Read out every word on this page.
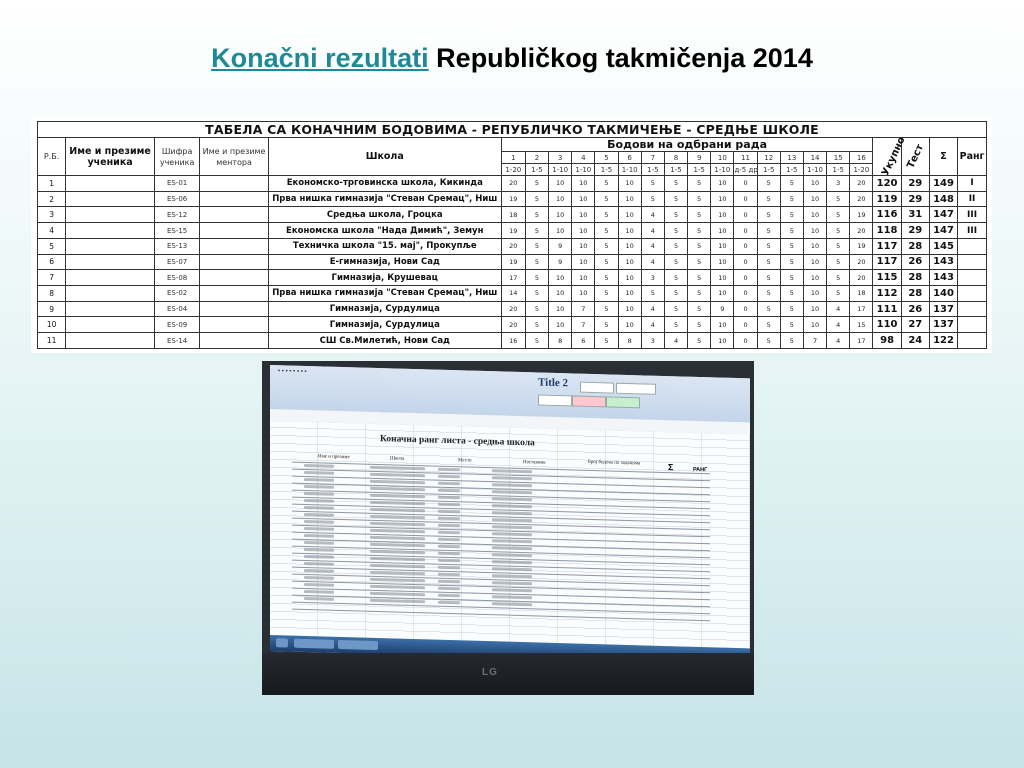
Konačni rezultati Republičkog takmičenja 2014
ТАБЕЛА СА КОНАЧНИМ БОДОВИМА - РЕПУБЛИЧКО ТАКМИЧЕЊЕ - СРЕДЊЕ ШКОЛЕ																								
Р.Б.	Име и презиме ученика	Шифра ученика	Име и презиме ментора	Школа	Бодови на одбрани рада																Укупно	Тест	Σ	Ранг
					1	2	3	4	5	6	7	8	9	10	11	12	13	14	15	16				
					1-20	1-5	1-10	1-10	1-5	1-10	1-5	1-5	1-5	1-10	д-5 др	1-5	1-5	1-10	1-5	1-20				
1		ES-01		Економско-трговинска школа, Кикинда	20	5	10	10	5	10	5	5	5	10	0	5	5	10	3	20	120	29	149	I
2		ES-06		Прва нишка гимназија "Стеван Сремац", Ниш	19	5	10	10	5	10	5	5	5	10	0	5	5	10	5	20	119	29	148	II
3		ES-12		Средња школа, Гроцка	18	5	10	10	5	10	4	5	5	10	0	5	5	10	5	19	116	31	147	III
4		ES-15		Економска школа "Нада Димић", Земун	19	5	10	10	5	10	4	5	5	10	0	5	5	10	5	20	118	29	147	III
5		ES-13		Техничка школа "15. мај", Прокупље	20	5	9	10	5	10	4	5	5	10	0	5	5	10	5	19	117	28	145	
6		ES-07		Е-гимназија, Нови Сад	19	5	9	10	5	10	4	5	5	10	0	5	5	10	5	20	117	26	143	
7		ES-08		Гимназија, Крушевац	17	5	10	10	5	10	3	5	5	10	0	5	5	10	5	20	115	28	143	
8		ES-02		Прва нишка гимназија "Стеван Сремац", Ниш	14	5	10	10	5	10	5	5	5	10	0	5	5	10	5	18	112	28	140	
9		ES-04		Гимназија, Сурдулица	20	5	10	7	5	10	4	5	5	9	0	5	5	10	4	17	111	26	137	
10		ES-09		Гимназија, Сурдулица	20	5	10	7	5	10	4	5	5	10	0	5	5	10	4	15	110	27	137	
11		ES-14		СШ Св.Милетић, Нови Сад	16	5	8	6	5	8	3	4	5	10	0	5	5	7	4	17	98	24	122	
▪ ▪ ▪ ▪ ▪ ▪ ▪ ▪
Title 2
Коначна ранг листа - средња школа
Име и презиме	Школа	Место	Наставник	Број бодова по задацима	Σ	РАНГ
LG
